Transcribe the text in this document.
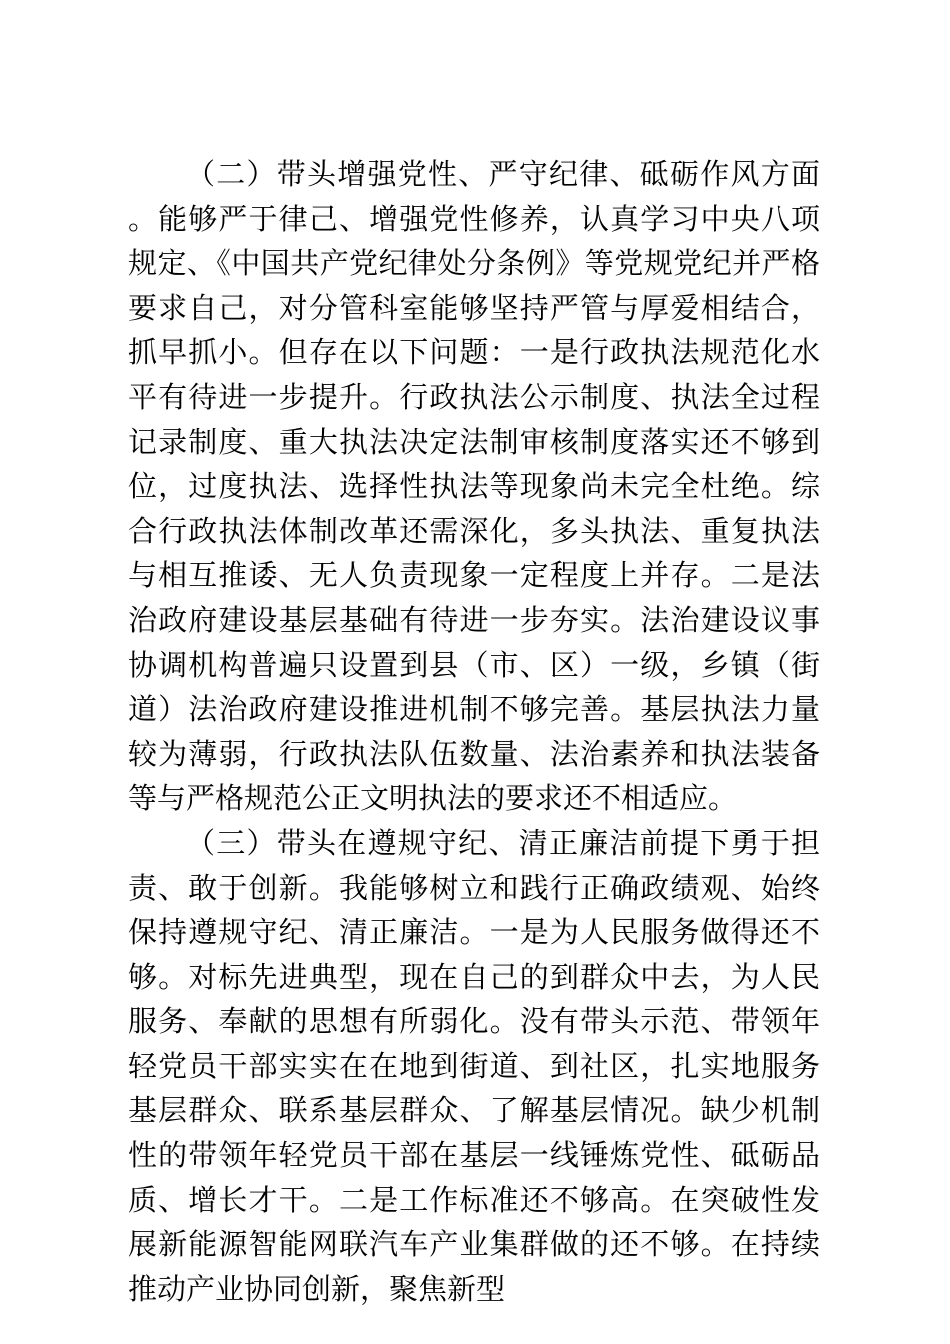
（二）带头增强党性、严守纪律、砥砺作风方面。能够严于律己、增强党性修养，认真学习中央八项规定、《中国共产党纪律处分条例》等党规党纪并严格要求自己，对分管科室能够坚持严管与厚爱相结合，抓早抓小。但存在以下问题：一是行政执法规范化水平有待进一步提升。行政执法公示制度、执法全过程记录制度、重大执法决定法制审核制度落实还不够到位，过度执法、选择性执法等现象尚未完全杜绝。综合行政执法体制改革还需深化，多头执法、重复执法与相互推诿、无人负责现象一定程度上并存。二是法治政府建设基层基础有待进一步夯实。法治建设议事协调机构普遍只设置到县（市、区）一级，乡镇（街道）法治政府建设推进机制不够完善。基层执法力量较为薄弱，行政执法队伍数量、法治素养和执法装备等与严格规范公正文明执法的要求还不相适应。

（三）带头在遵规守纪、清正廉洁前提下勇于担责、敢于创新。我能够树立和践行正确政绩观、始终保持遵规守纪、清正廉洁。一是为人民服务做得还不够。对标先进典型，现在自己的到群众中去，为人民服务、奉献的思想有所弱化。没有带头示范、带领年轻党员干部实实在在地到街道、到社区，扎实地服务基层群众、联系基层群众、了解基层情况。缺少机制性的带领年轻党员干部在基层一线锤炼党性、砥砺品质、增长才干。二是工作标准还不够高。在突破性发展新能源智能网联汽车产业集群做的还不够。在持续推动产业协同创新，聚焦新型
